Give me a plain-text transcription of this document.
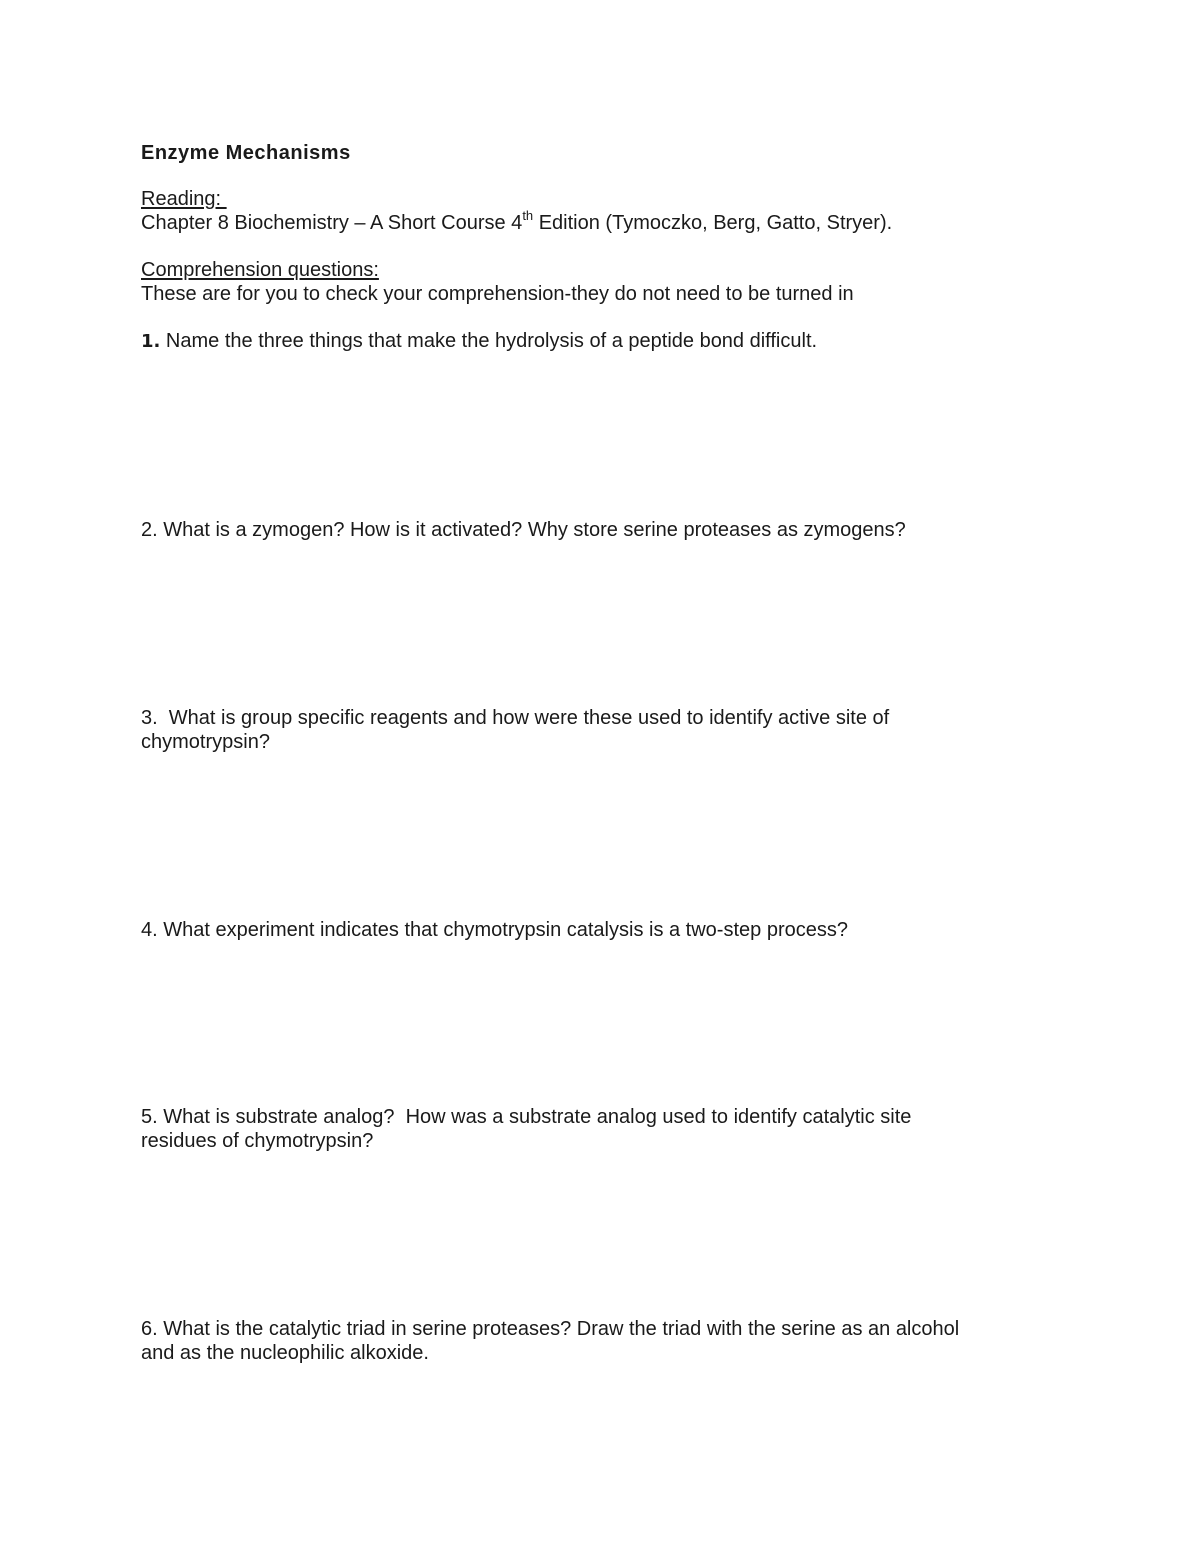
Enzyme Mechanisms
Reading:
Chapter 8 Biochemistry – A Short Course 4th Edition (Tymoczko, Berg, Gatto, Stryer).
Comprehension questions:
These are for you to check your comprehension-they do not need to be turned in
1. Name the three things that make the hydrolysis of a peptide bond difficult.
2. What is a zymogen? How is it activated? Why store serine proteases as zymogens?
3.  What is group specific reagents and how were these used to identify active site of
chymotrypsin?
4. What experiment indicates that chymotrypsin catalysis is a two-step process?
5. What is substrate analog?  How was a substrate analog used to identify catalytic site
residues of chymotrypsin?
6. What is the catalytic triad in serine proteases? Draw the triad with the serine as an alcohol
and as the nucleophilic alkoxide.
